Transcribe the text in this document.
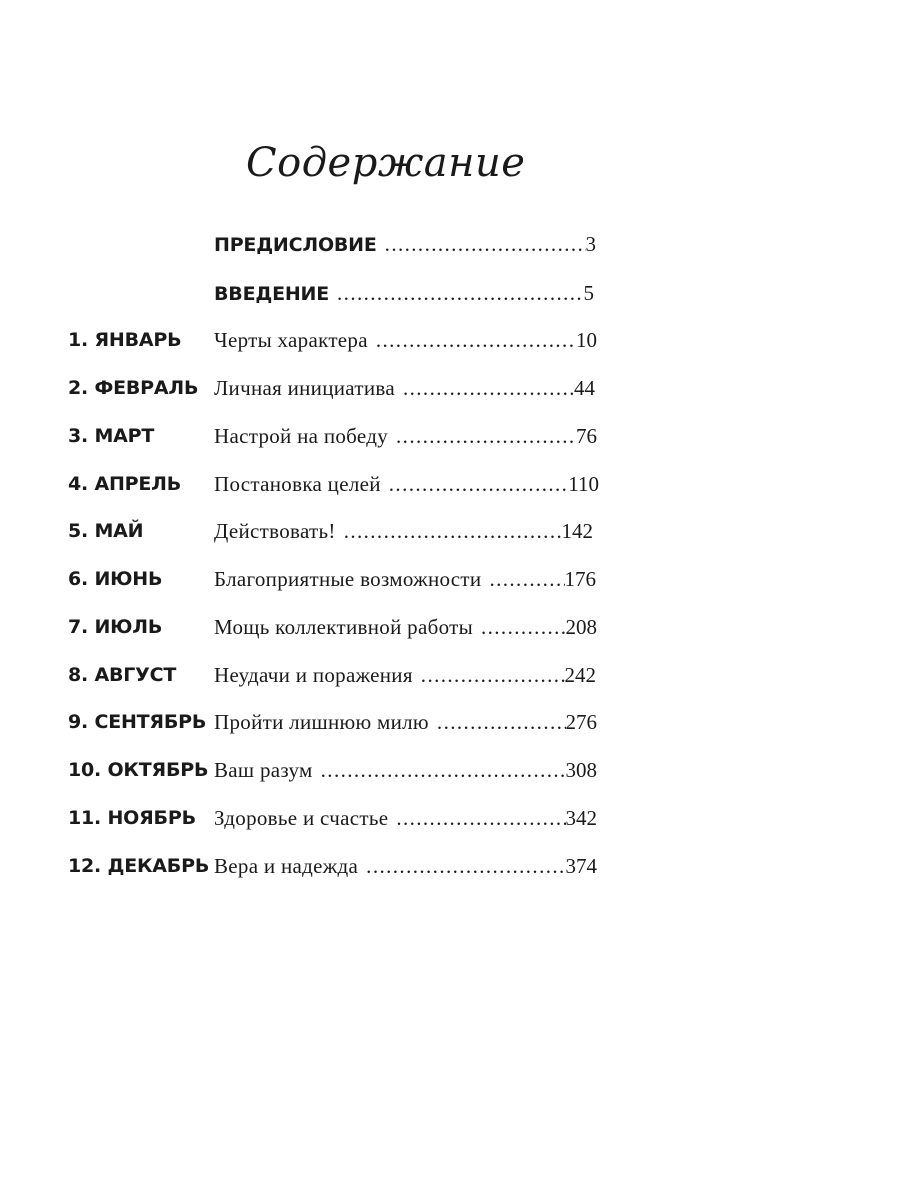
Содержание
ПРЕДИСЛОВИЕ .....	3
ВВЕДЕНИЕ .....	5
1. ЯНВАРЬ Черты характера .....	10
2. ФЕВРАЛЬ Личная инициатива .....	44
3. МАРТ	Настрой на победу .....	76
4. АПРЕЛЬ Постановка целей .....	110
5. МАЙ	Действовать! .....	142
6. ИЮНЬ Благоприятные возможности .....	176
7. ИЮЛЬ Мощь коллективной работы .....	208
8. АВГУСТ Неудачи и поражения .....	242
9. СЕНТЯБРЬ Пройти лишнюю милю .....	276
10. ОКТЯБРЬ Ваш разум .....	308
11. НОЯБРЬ Здоровье и счастье .....	342
12. ДЕКАБРЬ Вера и надежда .....	374
